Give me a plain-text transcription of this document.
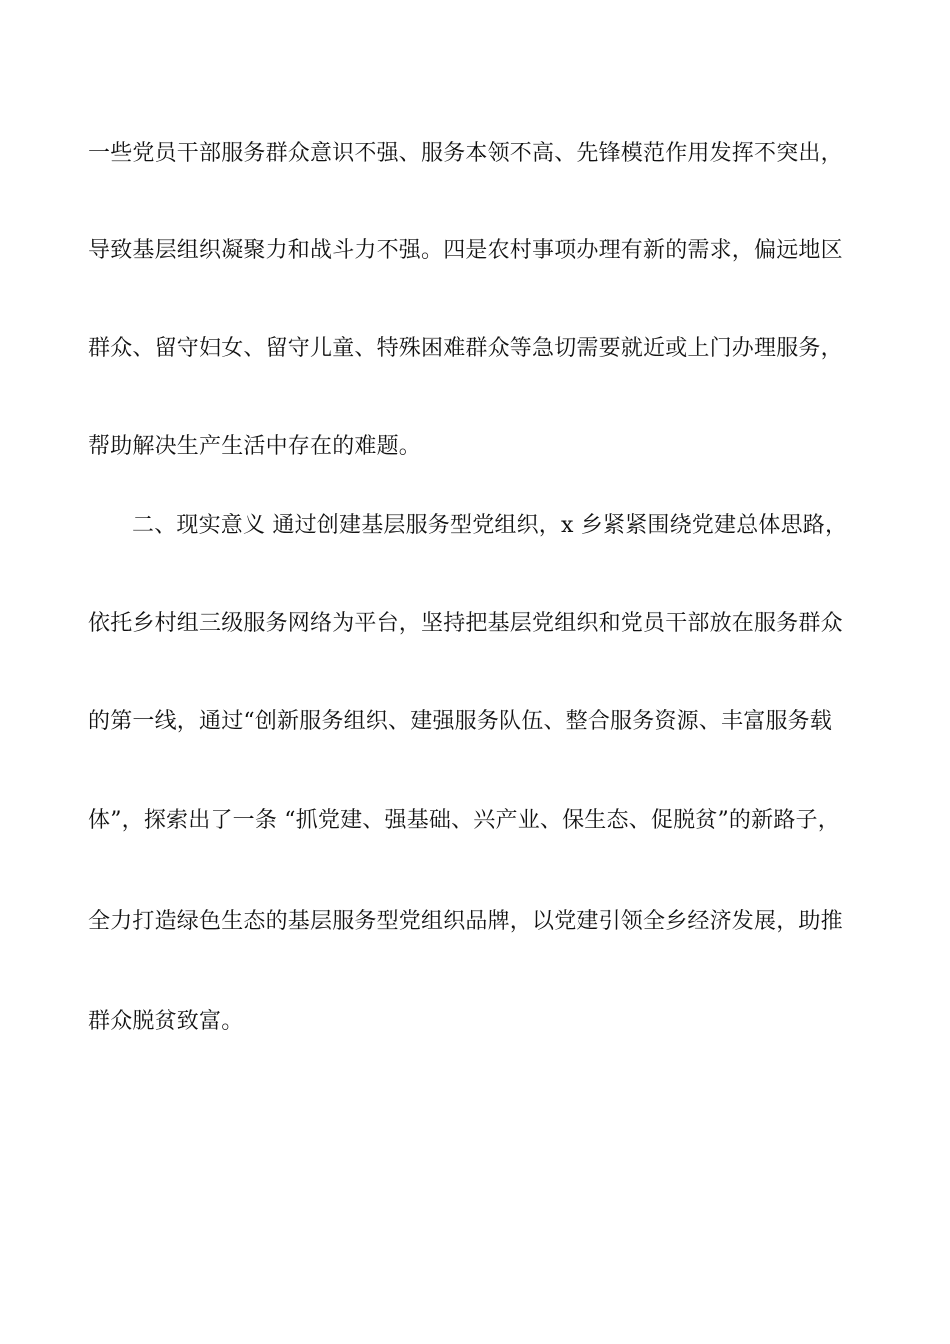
一些党员干部服务群众意识不强、服务本领不高、先锋模范作用发挥不突出，
导致基层组织凝聚力和战斗力不强。四是农村事项办理有新的需求，偏远地区
群众、留守妇女、留守儿童、特殊困难群众等急切需要就近或上门办理服务，
帮助解决生产生活中存在的难题。
二、现实意义 通过创建基层服务型党组织，x 乡紧紧围绕党建总体思路，
依托乡村组三级服务网络为平台，坚持把基层党组织和党员干部放在服务群众
的第一线，通过“创新服务组织、建强服务队伍、整合服务资源、丰富服务载
体”，探索出了一条 “抓党建、强基础、兴产业、保生态、促脱贫”的新路子，
全力打造绿色生态的基层服务型党组织品牌，以党建引领全乡经济发展，助推
群众脱贫致富。
